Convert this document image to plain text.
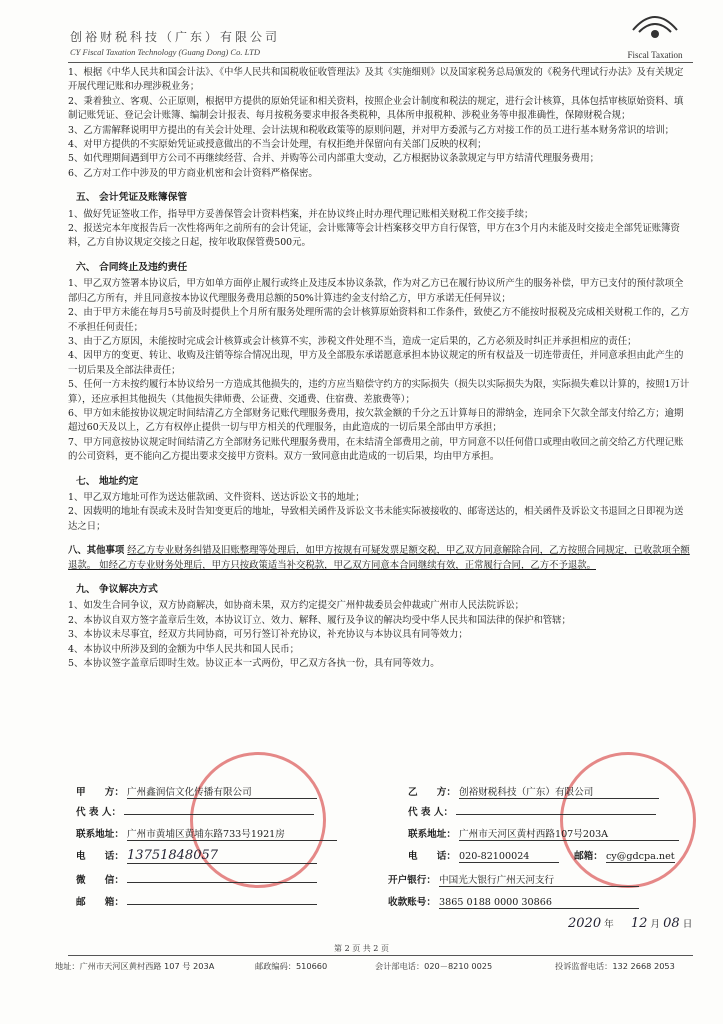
创裕财税科技（广东）有限公司
CY Fiscal Taxation Technology (Guang Dong) Co. LTD	Fiscal Taxation

1、根据《中华人民共和国会计法》、《中华人民共和国税收征收管理法》及其《实施细则》以及国家税务总局颁发的《税务代理试行办法》及有关规定开展代理记账和办理涉税业务；

2、秉着独立、客观、公正原则，根据甲方提供的原始凭证和相关资料，按照企业会计制度和税法的规定，进行会计核算，具体包括审核原始资料、填制记账凭证、登记会计账簿、编制会计报表、每月按税务要求申报各类税种，具体所申报税种、涉税业务等申报准确性，保障财税合规；

3、乙方需解释说明甲方提出的有关会计处理、会计法规和税收政策等的原则问题，并对甲方委派与乙方对接工作的员工进行基本财务常识的培训；

4、对甲方提供的不实原始凭证或授意做出的不当会计处理，有权拒绝并保留向有关部门反映的权利；

5、如代理期间遇到甲方公司不再继续经营、合并、并购等公司内部重大变动，乙方根据协议条款规定与甲方结清代理服务费用；

6、乙方对工作中涉及的甲方商业机密和会计资料严格保密。

五、 会计凭证及账簿保管

1、做好凭证签收工作，指导甲方妥善保管会计资料档案，并在协议终止时办理代理记账相关财税工作交接手续；

2、报送完本年度报告后一次性将两年之前所有的会计凭证，会计账簿等会计档案移交甲方自行保管，甲方在3个月内未能及时交接走全部凭证账簿资料，乙方自协议规定交接之日起，按年收取保管费500元。

六、 合同终止及违约责任

1、甲乙双方签署本协议后，甲方如单方面停止履行或终止及违反本协议条款，作为对乙方已在履行协议所产生的服务补偿，甲方已支付的预付款项全部归乙方所有，并且同意按本协议代理服务费用总额的50%计算违约金支付给乙方，甲方承诺无任何异议；

2、由于甲方未能在每月5号前及时提供上个月所有服务处理所需的会计核算原始资料和工作条件，致使乙方不能按时报税及完成相关财税工作的，乙方不承担任何责任；

3、由于乙方原因，未能按时完成会计核算或会计核算不实，涉税文件处理不当，造成一定后果的，乙方必须及时纠正并承担相应的责任；

4、因甲方的变更、转让、收购及注销等综合情况出现，甲方及全部股东承诺愿意承担本协议规定的所有权益及一切连带责任，并同意承担由此产生的一切后果及全部法律责任；

5、任何一方未按约履行本协议给另一方造成其他损失的，违约方应当赔偿守约方的实际损失（损失以实际损失为限，实际损失难以计算的，按照1万计算），还应承担其他损失（其他损失律师费、公证费、交通费、住宿费、差旅费等）；

6、甲方如未能按协议规定时间结清乙方全部财务记账代理服务费用，按欠款金额的千分之五计算每日的滞纳金，连同余下欠款全部支付给乙方；逾期超过60天及以上，乙方有权停止提供一切与甲方相关的代理服务，由此造成的一切后果全部由甲方承担；

7、甲方同意按协议规定时间结清乙方全部财务记账代理服务费用，在未结清全部费用之前，甲方同意不以任何借口或理由收回之前交给乙方代理记账的公司资料，更不能向乙方提出要求交接甲方资料。双方一致同意由此造成的一切后果，均由甲方承担。

七、 地址约定

1、甲乙双方地址可作为送达催款函、文件资料、送达诉讼文书的地址；

2、因载明的地址有误或未及时告知变更后的地址，导致相关函件及诉讼文书未能实际被接收的、邮寄送达的，相关函件及诉讼文书退回之日即视为送达之日；

八、其他事项 经乙方专业财务纠错及旧账整理等处理后，如甲方按规有可疑发票足额交税，甲乙双方同意解除合同，乙方按照合同规定，已收款项全额退款。 如经乙方专业财务处理后，甲方只按政策适当补交税款，甲乙双方同意本合同继续有效，正常履行合同，乙方不予退款。

九、 争议解决方式

1、如发生合同争议，双方协商解决，如协商未果，双方约定提交广州仲裁委员会仲裁或广州市人民法院诉讼；

2、本协议自双方签字盖章后生效，本协议订立、效力、解释、履行及争议的解决均受中华人民共和国法律的保护和管辖；

3、本协议未尽事宜，经双方共同协商，可另行签订补充协议，补充协议与本协议具有同等效力；

4、本协议中所涉及到的金额为中华人民共和国人民币；

5、本协议签字盖章后即时生效。协议正本一式两份，甲乙双方各执一份，具有同等效力。

甲　　方： 广州鑫润信文化传播有限公司
代 表 人：
联系地址： 广州市黄埔区黄埔东路733号1921房
电　　话： 13751848057
微　　信：
邮　　箱：
乙　　方： 创裕财税科技（广东）有限公司
代 表 人：
联系地址： 广州市天河区黄村西路107号203A
电　　话： 020-82100024	邮箱： cy@gdcpa.net
开户银行： 中国光大银行广州天河支行
收款账号： 3865 0188 0000 30866
2020 年 12 月 08 日
第 2 页 共 2 页
地址：广州市天河区黄村西路 107 号 203A	邮政编码：510660	会计部电话：020－8210 0025	投诉监督电话：132 2668 2053
